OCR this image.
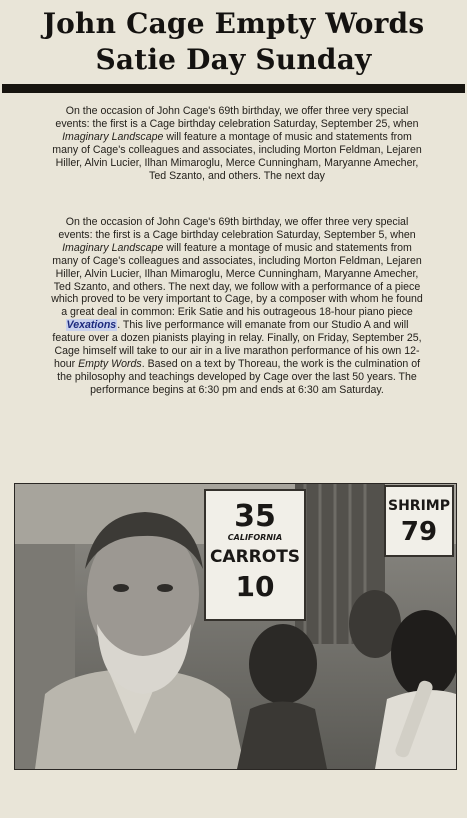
John Cage Empty Words
Satie Day Sunday
On the occasion of John Cage's 69th birthday, we offer three very special events: the first is a Cage birthday celebration Saturday, September 25, when Imaginary Landscape will feature a montage of music and statements from many of Cage's colleagues and associates, including Morton Feldman, Lejaren Hiller, Alvin Lucier, Ilhan Mimaroglu, Merce Cunningham, Maryanne Amecher, Ted Szanto, and others. The next day
On the occasion of John Cage's 69th birthday, we offer three very special events: the first is a Cage birthday celebration Saturday, September 5, when Imaginary Landscape will feature a montage of music and statements from many of Cage's colleagues and associates, including Morton Feldman, Lejaren Hiller, Alvin Lucier, Ilhan Mimaroglu, Merce Cunningham, Maryanne Amecher, Ted Szanto, and others. The next day, we follow with a performance of a piece which proved to be very important to Cage, by a composer with whom he found a great deal in common: Erik Satie and his outrageous 18-hour piano piece Vexations. This live performance will emanate from our Studio A and will feature over a dozen pianists playing in relay. Finally, on Friday, September 25, Cage himself will take to our air in a live marathon performance of his own 12-hour Empty Words. Based on a text by Thoreau, the work is the culmination of the philosophy and teachings developed by Cage over the last 50 years. The performance begins at 6:30 pm and ends at 6:30 am Saturday.
35
CALIFORNIA
CARROTS
10
SHRIMP
79
